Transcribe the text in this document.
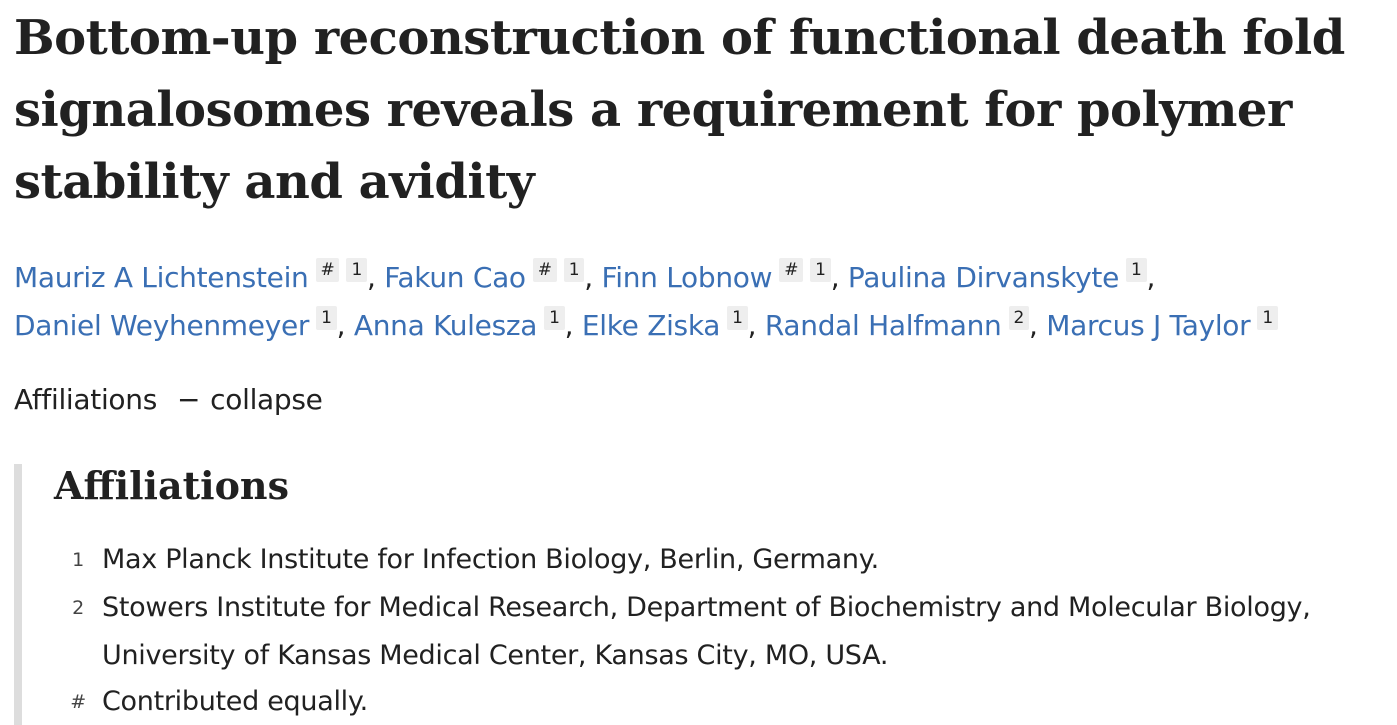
Bottom-up reconstruction of functional death fold signalosomes reveals a requirement for polymer stability and avidity
Mauriz A Lichtenstein # 1 , Fakun Cao # 1 , Finn Lobnow # 1 , Paulina Dirvanskyte 1 ,
Daniel Weyhenmeyer 1 , Anna Kulesza 1 , Elke Ziska 1 , Randal Halfmann 2 , Marcus J Taylor 1
Affiliations − collapse
Affiliations
1 Max Planck Institute for Infection Biology, Berlin, Germany.
2 Stowers Institute for Medical Research, Department of Biochemistry and Molecular Biology, University of Kansas Medical Center, Kansas City, MO, USA.
# Contributed equally.
